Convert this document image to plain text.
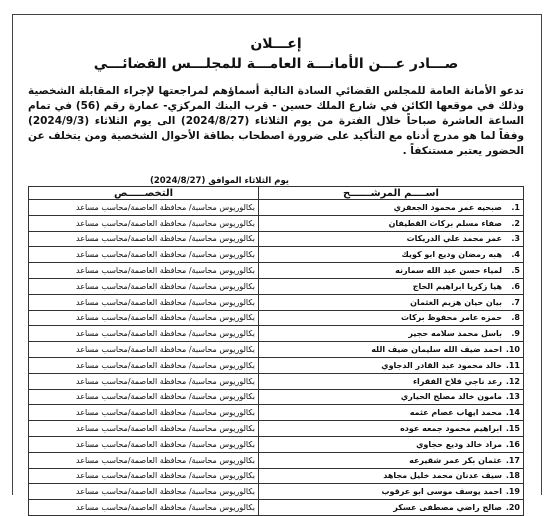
إعـــلان
صـــادر عـــن الأمانـــة العامـــة للمجلـــس القضائـــي

تدعو الأمانة العامة للمجلس القضائي السادة التالية أسماؤهم لمراجعتها لإجراء المقابلة الشخصية وذلك في موقعها الكائن في شارع الملك حسين - قرب البنك المركزي- عمارة رقم (56) في تمام الساعة العاشرة صباحاً خلال الفترة من يوم الثلاثاء (2024/8/27) الى يوم الثلاثاء (2024/9/3) وفقاً لما هو مدرج أدناه مع التأكيد على ضرورة اصطحاب بطاقة الأحوال الشخصية ومن يتخلف عن الحضور يعتبر مستنكفاً .

يوم الثلاثاء الموافق (2024/8/27)
اســــم المرشــــــح	التخصـــــص
1.صبحيه عمر محمود الجعفري	بكالوريوس محاسبة/ محافظة العاصمة/محاسب مساعد
2.صفاء مسلم بركات القطيفان	بكالوريوس محاسبة/ محافظة العاصمة/محاسب مساعد
3.عمر محمد علي الدريكات	بكالوريوس محاسبة/ محافظة العاصمة/محاسب مساعد
4.هبه رمضان وديع ابو كويك	بكالوريوس محاسبة/ محافظة العاصمة/محاسب مساعد
5.لمياء حسن عبد الله سمارنه	بكالوريوس محاسبة/ محافظة العاصمة/محاسب مساعد
6.هيا زكريا ابراهيم الحاج	بكالوريوس محاسبة/ محافظة العاصمة/محاسب مساعد
7.بيان حيان هزيم الغثمان	بكالوريوس محاسبة/ محافظة العاصمة/محاسب مساعد
8.حمزه عامر محفوظ بركات	بكالوريوس محاسبة/ محافظة العاصمة/محاسب مساعد
9.باسل محمد سلامه حجير	بكالوريوس محاسبة/ محافظة العاصمة/محاسب مساعد
10.احمد ضيف الله سليمان ضيف الله	بكالوريوس محاسبة/ محافظة العاصمة/محاسب مساعد
11.خالد محمود عبد القادر الدجاوي	بكالوريوس محاسبة/ محافظة العاصمة/محاسب مساعد
12.رعد ناجي فلاح الفقراء	بكالوريوس محاسبة/ محافظة العاصمة/محاسب مساعد
13.مامون خالد مصلح الحياري	بكالوريوس محاسبة/ محافظة العاصمة/محاسب مساعد
14.محمد ايهاب عصام عثمه	بكالوريوس محاسبة/ محافظة العاصمة/محاسب مساعد
15.ابراهيم محمود جمعه عوده	بكالوريوس محاسبة/ محافظة العاصمة/محاسب مساعد
16.مراد خالد وديع حجاوي	بكالوريوس محاسبة/ محافظة العاصمة/محاسب مساعد
17.عثمان بكر عمر شقيرعه	بكالوريوس محاسبة/ محافظة العاصمة/محاسب مساعد
18.سيف عدنان محمد خليل مجاهد	بكالوريوس محاسبة/ محافظة العاصمة/محاسب مساعد
19.احمد يوسف موسى ابو عرقوب	بكالوريوس محاسبة/ محافظة العاصمة/محاسب مساعد
20.صالح راضي مصطفى عسكر	بكالوريوس محاسبة/ محافظة العاصمة/محاسب مساعد
